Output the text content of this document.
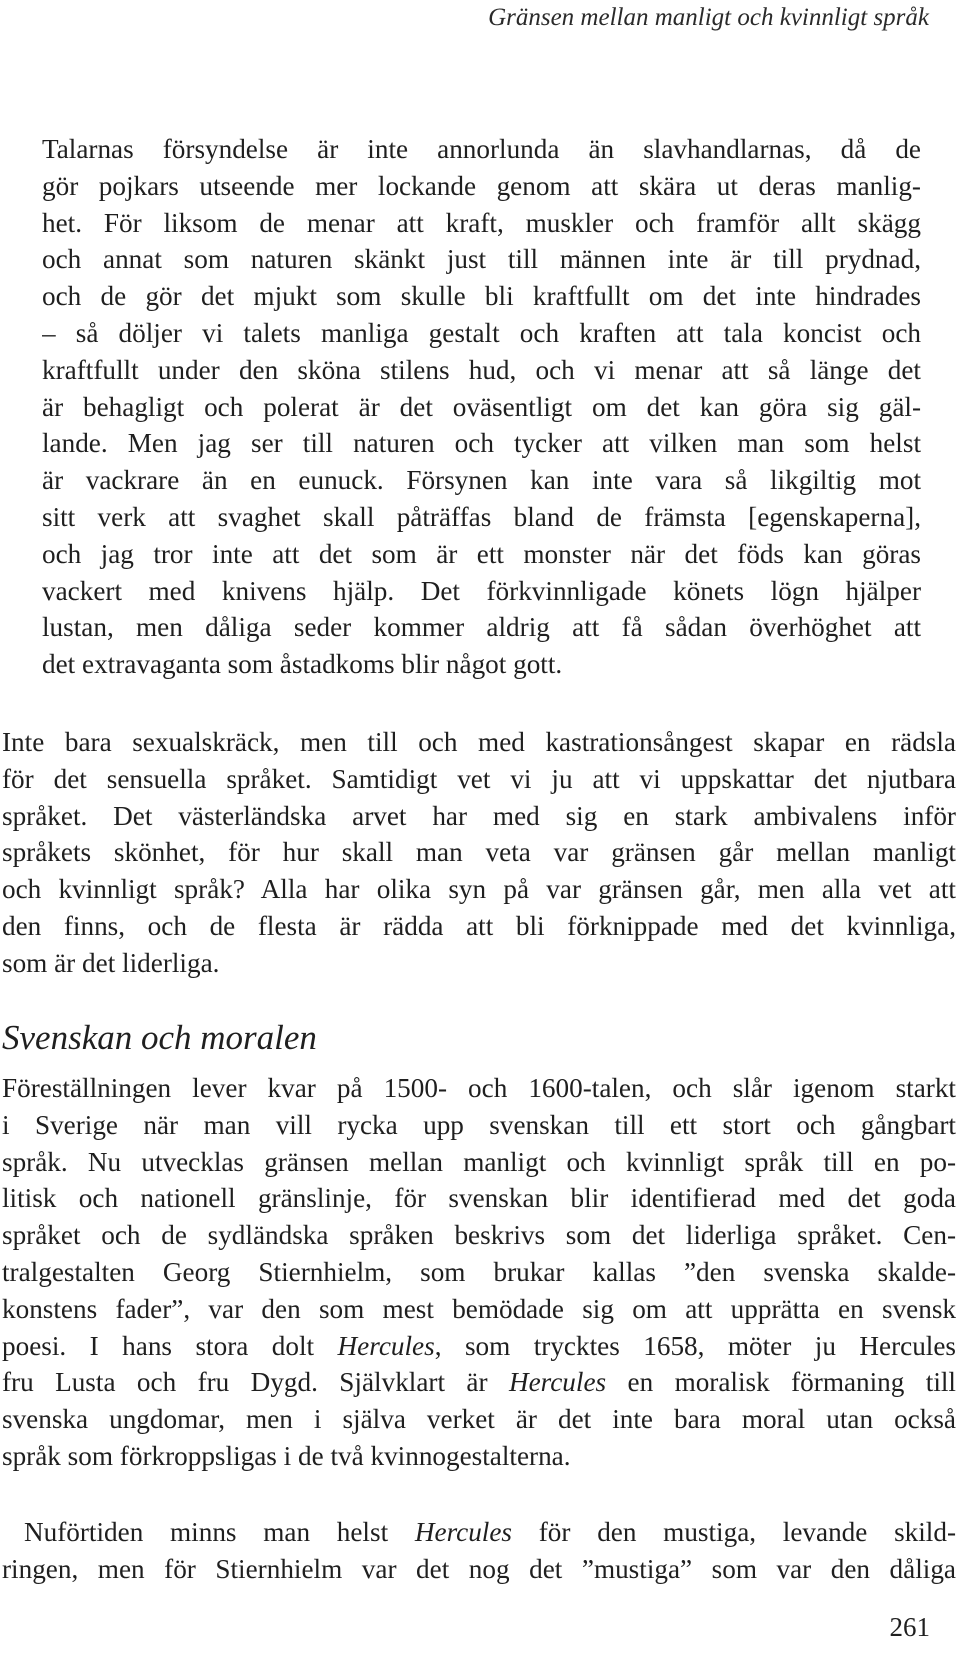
Gränsen mellan manligt och kvinnligt språk
Talarnas försyndelse är inte annorlunda än slavhandlarnas, då de
gör pojkars utseende mer lockande genom att skära ut deras manlig-
het. För liksom de menar att kraft, muskler och framför allt skägg
och annat som naturen skänkt just till männen inte är till prydnad,
och de gör det mjukt som skulle bli kraftfullt om det inte hindrades
– så döljer vi talets manliga gestalt och kraften att tala koncist och
kraftfullt under den sköna stilens hud, och vi menar att så länge det
är behagligt och polerat är det oväsentligt om det kan göra sig gäl-
lande. Men jag ser till naturen och tycker att vilken man som helst
är vackrare än en eunuck. Försynen kan inte vara så likgiltig mot
sitt verk att svaghet skall påträffas bland de främsta [egenskaperna],
och jag tror inte att det som är ett monster när det föds kan göras
vackert med knivens hjälp. Det förkvinnligade könets lögn hjälper
lustan, men dåliga seder kommer aldrig att få sådan överhöghet att
det extravaganta som åstadkoms blir något gott.
Inte bara sexualskräck, men till och med kastrationsångest skapar en rädsla
för det sensuella språket. Samtidigt vet vi ju att vi uppskattar det njutbara
språket. Det västerländska arvet har med sig en stark ambivalens inför
språkets skönhet, för hur skall man veta var gränsen går mellan manligt
och kvinnligt språk? Alla har olika syn på var gränsen går, men alla vet att
den finns, och de flesta är rädda att bli förknippade med det kvinnliga,
som är det liderliga.
Svenskan och moralen
Föreställningen lever kvar på 1500- och 1600-talen, och slår igenom starkt
i Sverige när man vill rycka upp svenskan till ett stort och gångbart
språk. Nu utvecklas gränsen mellan manligt och kvinnligt språk till en po-
litisk och nationell gränslinje, för svenskan blir identifierad med det goda
språket och de sydländska språken beskrivs som det liderliga språket. Cen-
tralgestalten Georg Stiernhielm, som brukar kallas ”den svenska skalde-
konstens fader”, var den som mest bemödade sig om att upprätta en svensk
poesi. I hans stora dolt Hercules, som trycktes 1658, möter ju Hercules
fru Lusta och fru Dygd. Självklart är Hercules en moralisk förmaning till
svenska ungdomar, men i själva verket är det inte bara moral utan också
språk som förkroppsligas i de två kvinnogestalterna.
Nuförtiden minns man helst Hercules för den mustiga, levande skild-
ringen, men för Stiernhielm var det nog det ”mustiga” som var den dåliga
261
